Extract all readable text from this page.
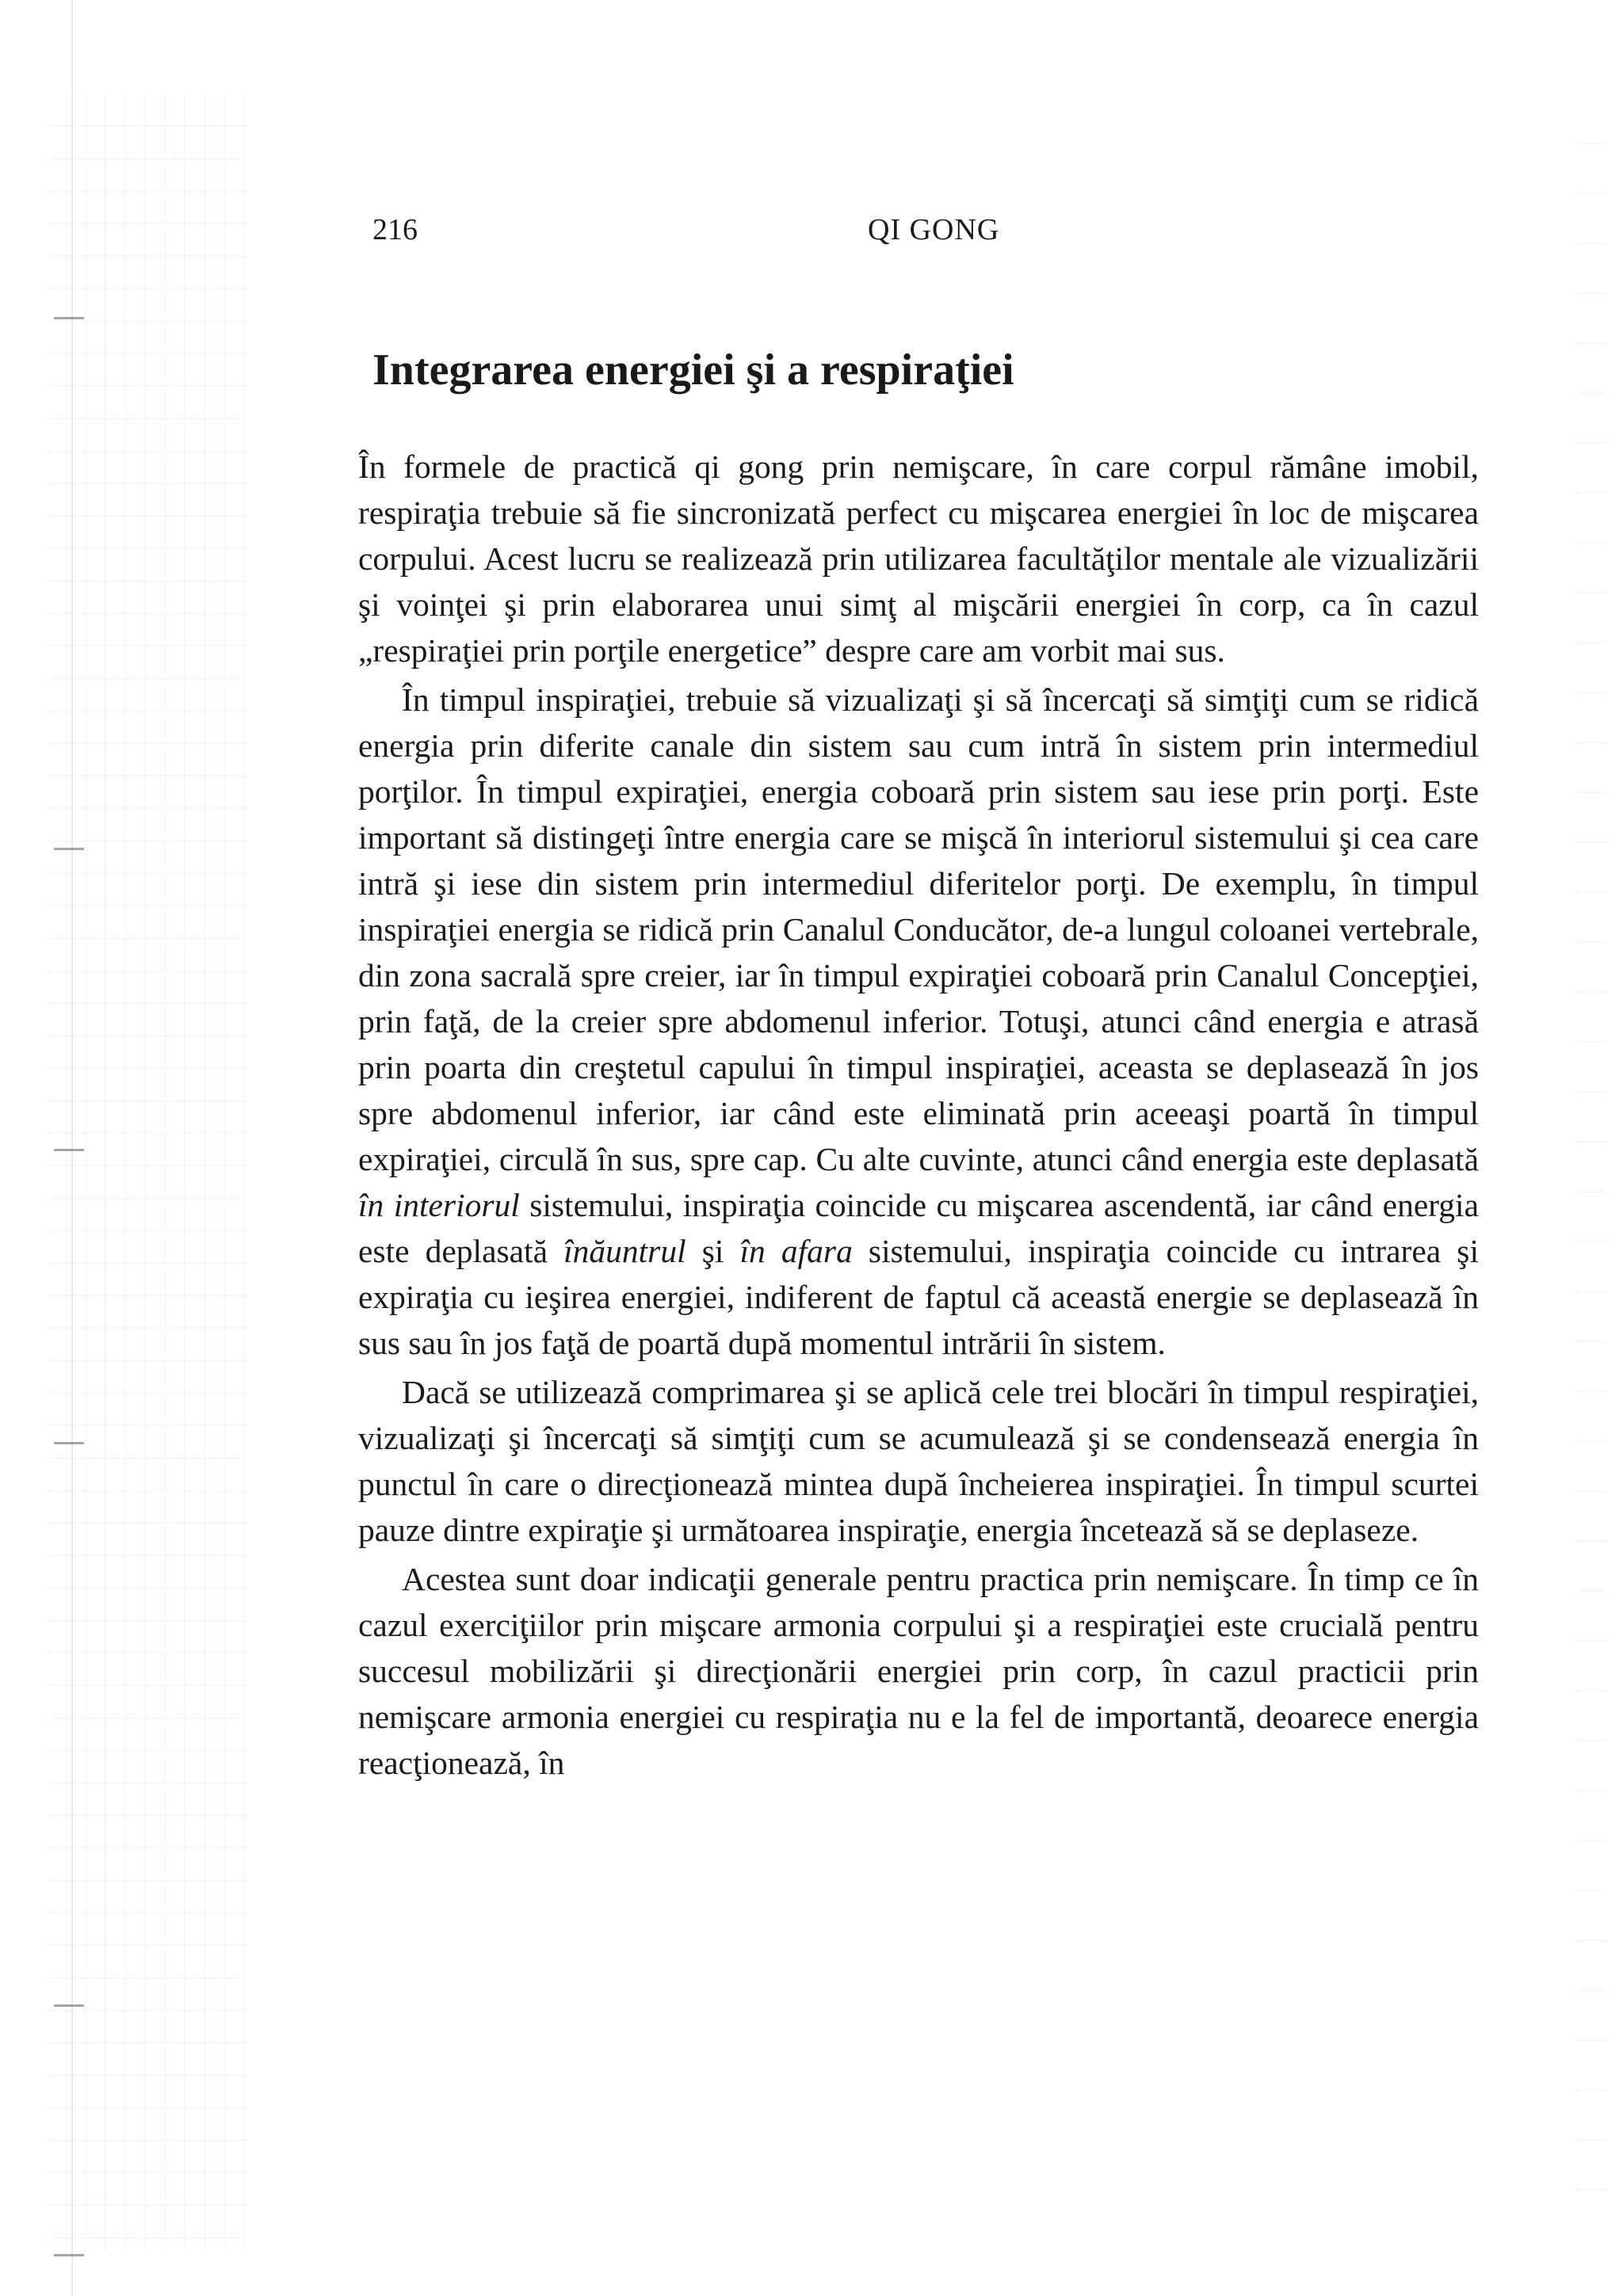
216	QI GONG
Integrarea energiei şi a respiraţiei

În formele de practică qi gong prin nemişcare, în care corpul rămâne imobil, respiraţia trebuie să fie sincronizată perfect cu mişcarea energiei în loc de mişcarea corpului. Acest lucru se realizează prin utilizarea facultăţilor mentale ale vizualizării şi voinţei şi prin elaborarea unui simţ al mişcării energiei în corp, ca în cazul „respiraţiei prin porţile energetice” despre care am vorbit mai sus.

În timpul inspiraţiei, trebuie să vizualizaţi şi să încercaţi să simţiţi cum se ridică energia prin diferite canale din sistem sau cum intră în sistem prin intermediul porţilor. În timpul expiraţiei, energia coboară prin sistem sau iese prin porţi. Este important să distingeţi între energia care se mişcă în interiorul sistemului şi cea care intră şi iese din sistem prin intermediul diferitelor porţi. De exemplu, în timpul inspiraţiei energia se ridică prin Canalul Conducător, de-a lungul coloanei vertebrale, din zona sacrală spre creier, iar în timpul expiraţiei coboară prin Canalul Concepţiei, prin faţă, de la creier spre abdomenul inferior. Totuşi, atunci când energia e atrasă prin poarta din creştetul capului în timpul inspiraţiei, aceasta se deplasează în jos spre abdomenul inferior, iar când este eliminată prin aceeaşi poartă în timpul expiraţiei, circulă în sus, spre cap. Cu alte cuvinte, atunci când energia este deplasată în interiorul sistemului, inspiraţia coincide cu mişcarea ascendentă, iar când energia este deplasată înăuntrul şi în afara sistemului, inspiraţia coincide cu intrarea şi expiraţia cu ieşirea energiei, indiferent de faptul că această energie se deplasează în sus sau în jos faţă de poartă după momentul intrării în sistem.

Dacă se utilizează comprimarea şi se aplică cele trei blocări în timpul respiraţiei, vizualizaţi şi încercaţi să simţiţi cum se acumulează şi se condensează energia în punctul în care o direcţionează mintea după încheierea inspiraţiei. În timpul scurtei pauze dintre expiraţie şi următoarea inspiraţie, energia încetează să se deplaseze.

Acestea sunt doar indicaţii generale pentru practica prin nemişcare. În timp ce în cazul exerciţiilor prin mişcare armonia corpului şi a respiraţiei este crucială pentru succesul mobilizării şi direcţionării energiei prin corp, în cazul practicii prin nemişcare armonia energiei cu respiraţia nu e la fel de importantă, deoarece energia reacţionează, în
